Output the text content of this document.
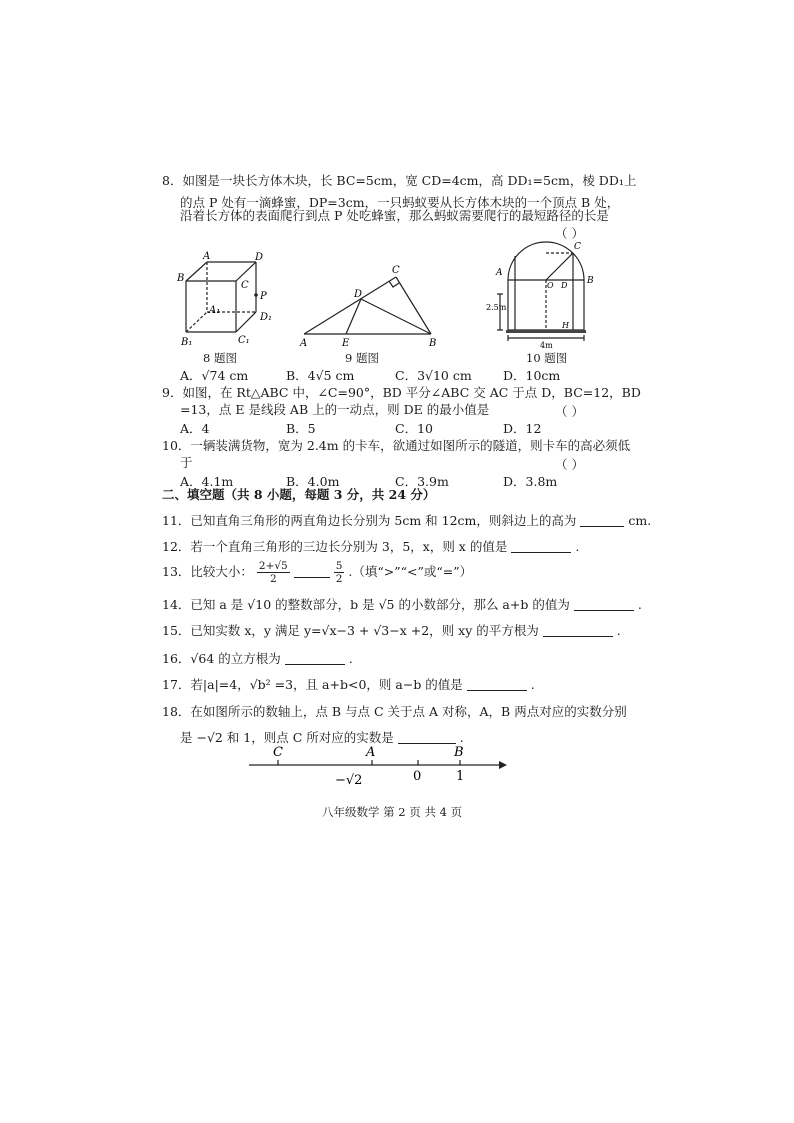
8．如图是一块长方体木块，长 BC=5cm，宽 CD=4cm，高 DD₁=5cm，棱 DD₁上
的点 P 处有一滴蜂蜜，DP=3cm，一只蚂蚁要从长方体木块的一个顶点 B 处，
沿着长方体的表面爬行到点 P 处吃蜂蜜，那么蚂蚁需要爬行的最短路径的长是
（ ）
A	D
B
C
P
A₁
D₁
B₁	C₁
8 题图
C
D
A	E	B
9 题图
C
A
B
O D
H
2.5m
4m
10 题图
A．√74 cm	B．4√5 cm	C．3√10 cm	D．10cm
9．如图，在 Rt△ABC 中，∠C=90°，BD 平分∠ABC 交 AC 于点 D，BC=12，BD
=13，点 E 是线段 AB 上的一动点，则 DE 的最小值是	（ ）
A．4	B．5	C．10	D．12
10．一辆装满货物，宽为 2.4m 的卡车，欲通过如图所示的隧道，则卡车的高必须低
于	（ ）
A．4.1m	B．4.0m	C．3.9m	D．3.8m
二、填空题（共 8 小题，每题 3 分，共 24 分）
11．已知直角三角形的两直角边长分别为 5cm 和 12cm，则斜边上的高为	cm.
12．若一个直角三角形的三边长分别为 3，5，x，则 x 的值是	.
13．比较大小： $\frac{2+√5}{2}$
	$\frac{5}{2}$ .（填“>”“<”或“=”）
14．已知 a 是 √10 的整数部分，b 是 √5 的小数部分，那么 a+b 的值为	.
15．已知实数 x，y 满足 y=√x−3 + √3−x +2，则 xy 的平方根为	.
16．√64 的立方根为	.
17．若|a|=4，√b² =3，且 a+b<0，则 a−b 的值是	.
18．在如图所示的数轴上，点 B 与点 C 关于点 A 对称，A，B 两点对应的实数分别
是 −√2 和 1，则点 C 所对应的实数是	.
C	A	B
−√2	0	1
八年级数学 第 2 页 共 4 页
